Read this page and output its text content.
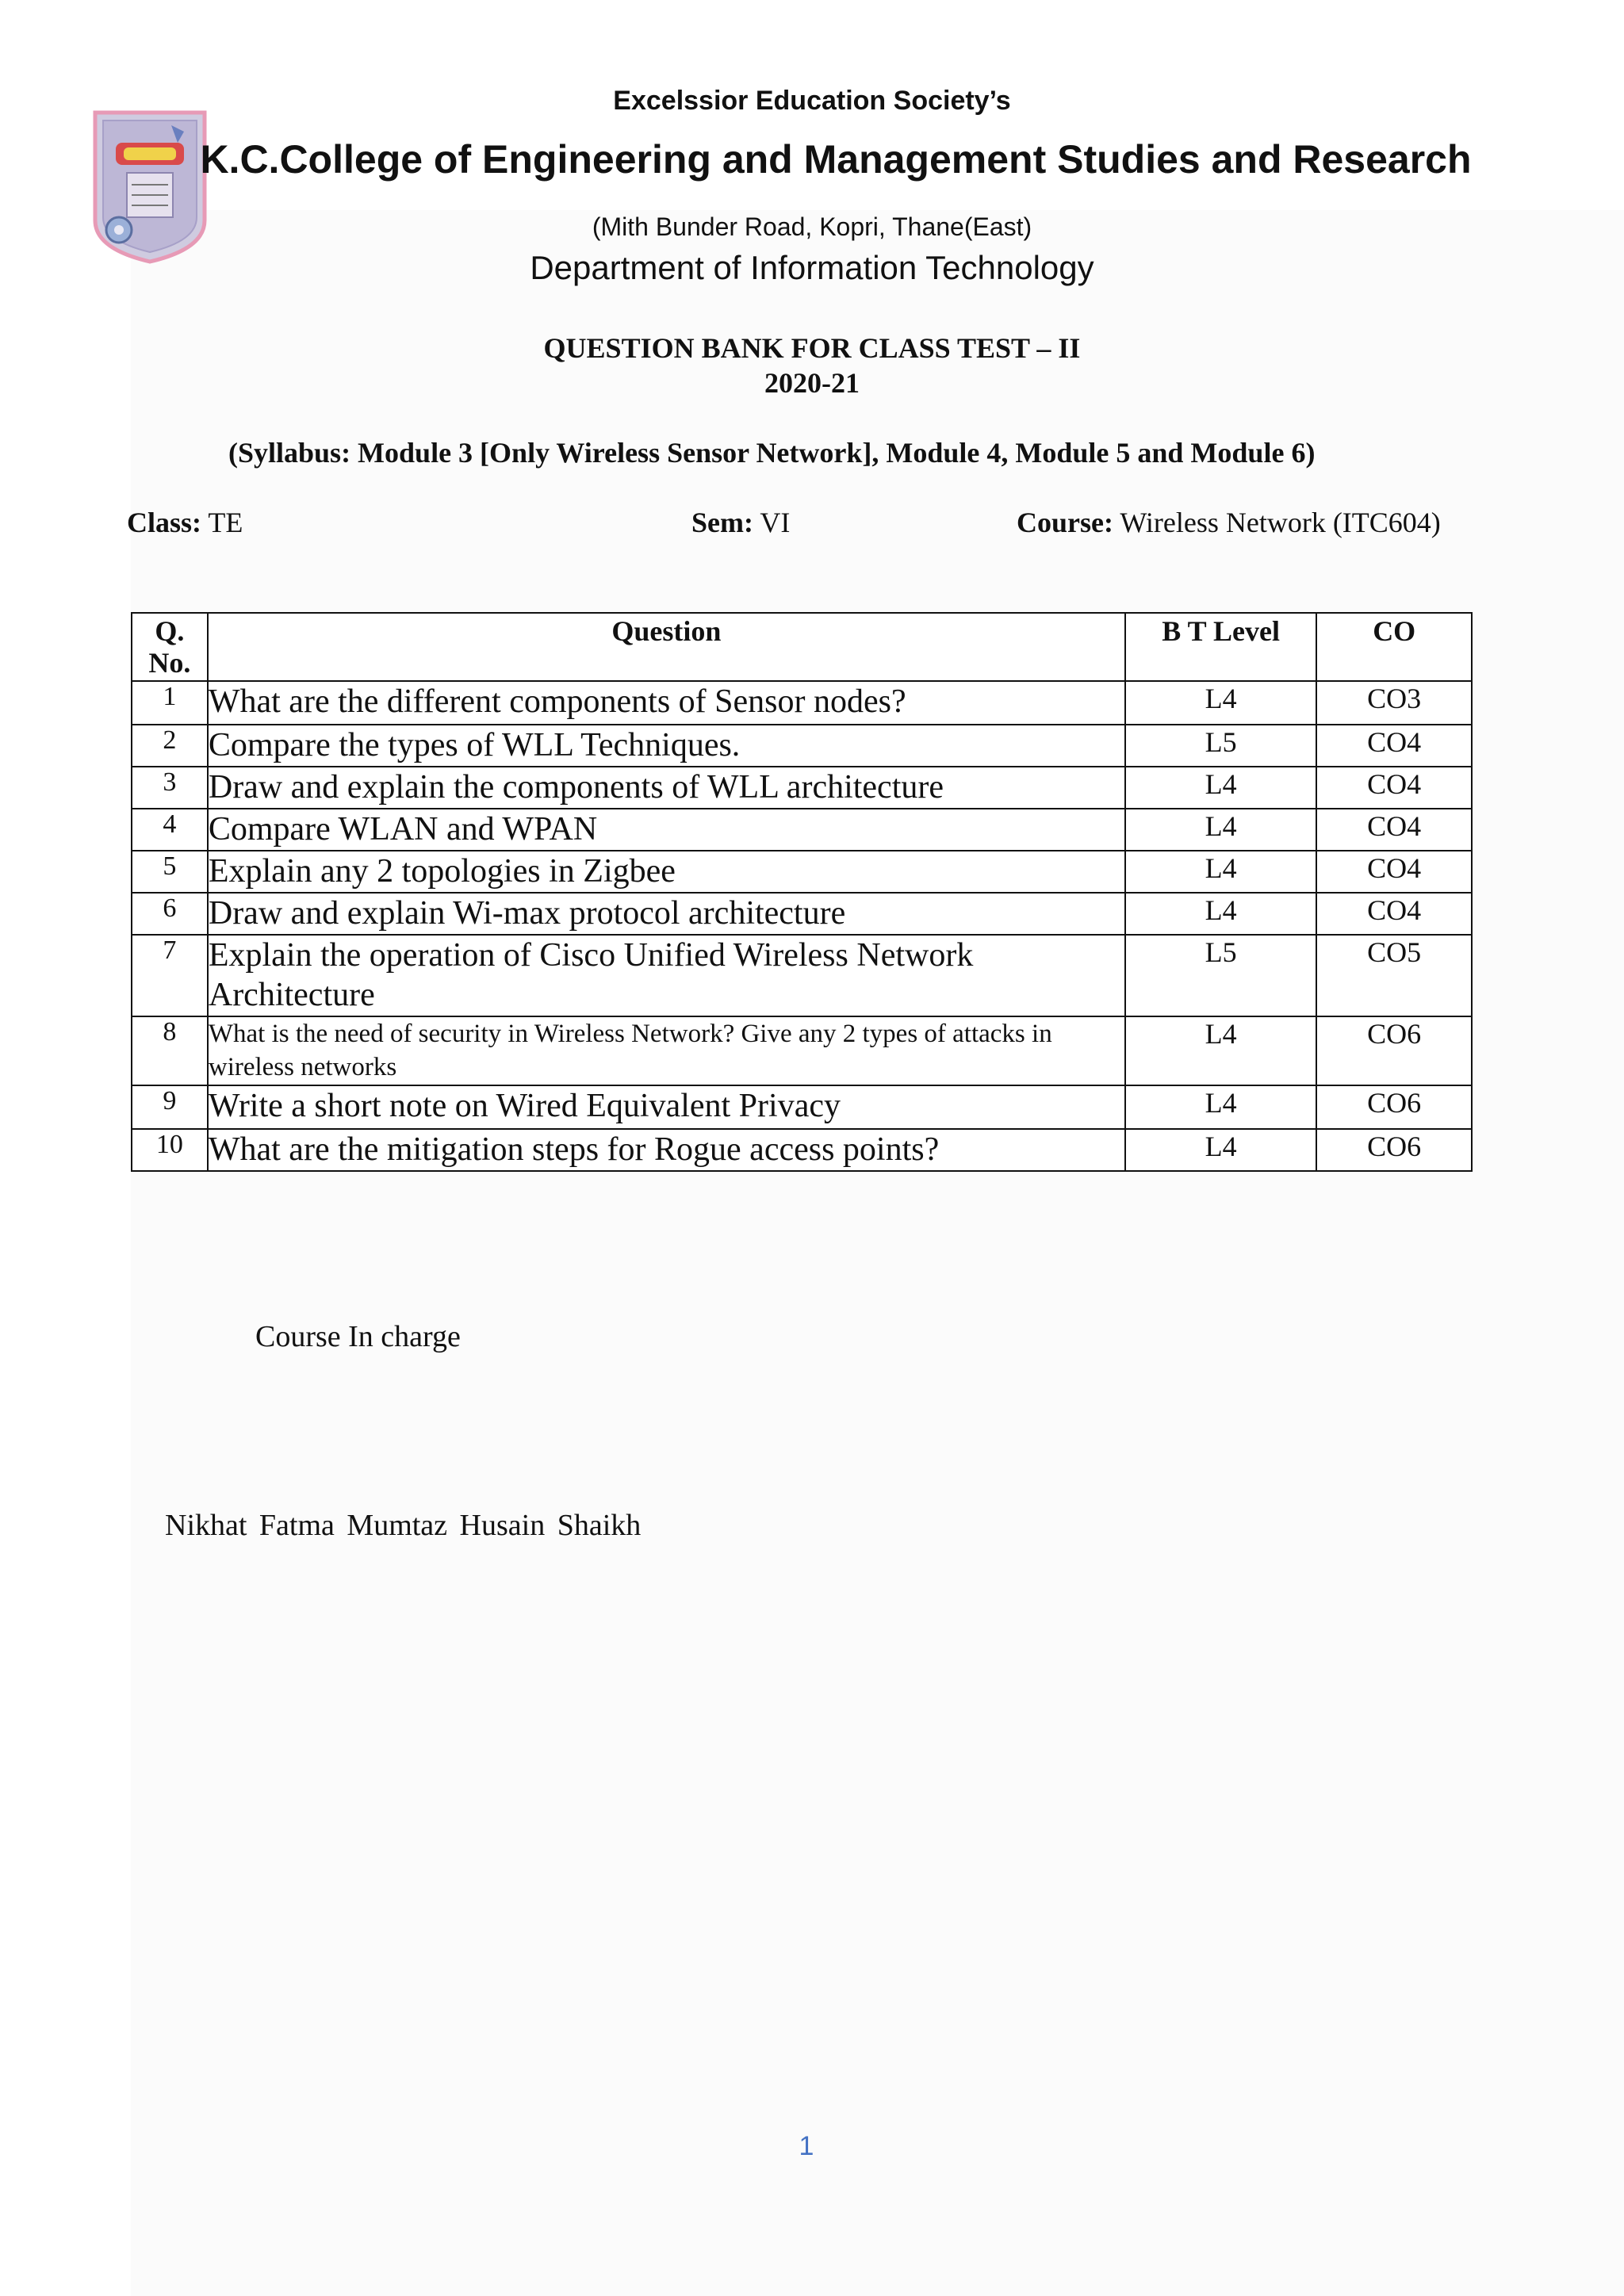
Excelssior Education Society’s
K.C.College of Engineering and Management Studies and Research
(Mith Bunder Road, Kopri, Thane(East)
Department of Information Technology
QUESTION BANK FOR CLASS TEST – II
2020-21
(Syllabus: Module 3 [Only Wireless Sensor Network], Module 4, Module 5 and Module 6)
Class: TE	Sem: VI	Course: Wireless Network (ITC604)
Q. No.	Question	B T Level	CO
1	What are the different components of Sensor nodes?	L4	CO3
2	Compare the types of WLL Techniques.	L5	CO4
3	Draw and explain the components of WLL architecture	L4	CO4
4	Compare WLAN and WPAN	L4	CO4
5	Explain any 2 topologies in Zigbee	L4	CO4
6	Draw and explain Wi-max protocol architecture	L4	CO4
7	Explain the operation of Cisco Unified Wireless Network Architecture	L5	CO5
8	What is the need of security in Wireless Network? Give any 2 types of attacks in wireless networks	L4	CO6
9	Write a short note on Wired Equivalent Privacy	L4	CO6
10	What are the mitigation steps for Rogue access points?	L4	CO6
Course In charge
Nikhat Fatma Mumtaz Husain Shaikh
1
